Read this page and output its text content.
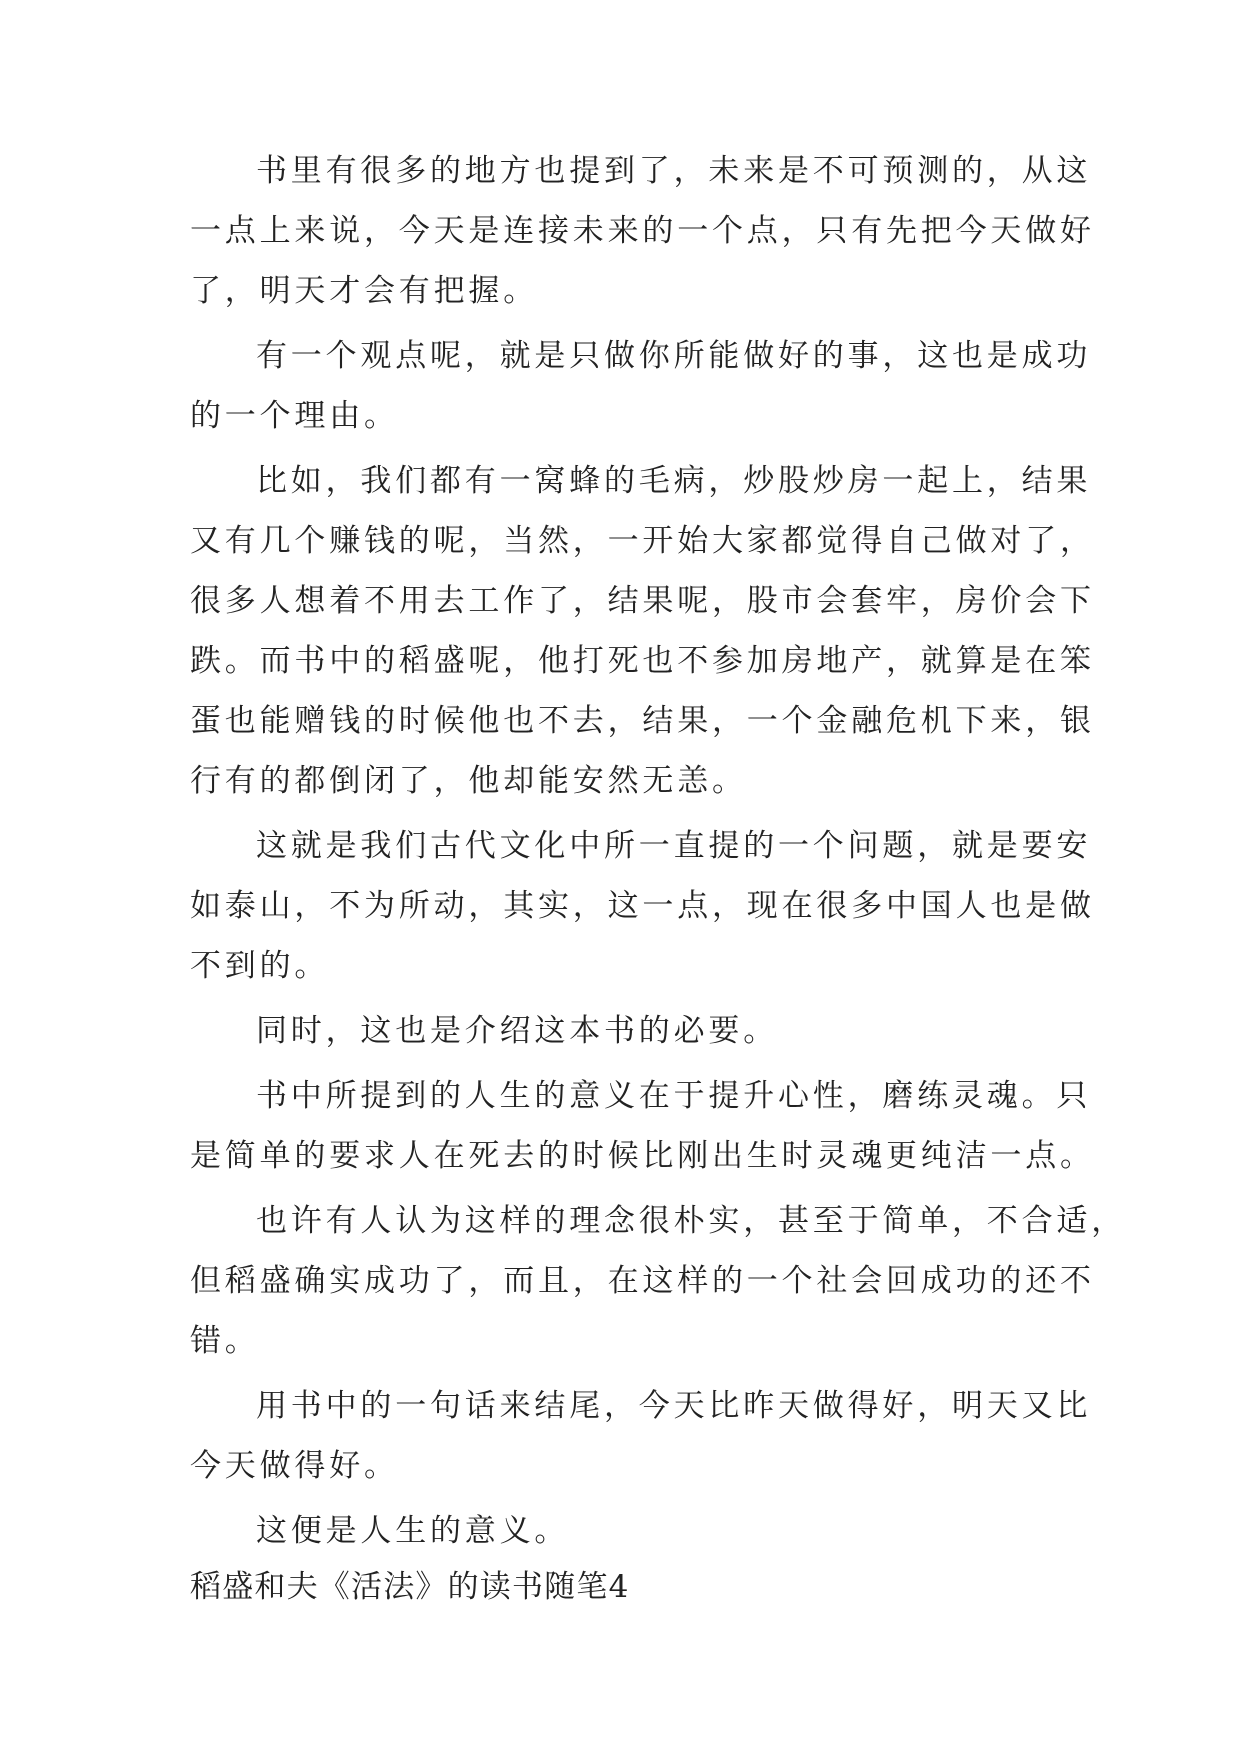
书里有很多的地方也提到了，未来是不可预测的，从这
一点上来说，今天是连接未来的一个点，只有先把今天做好
了，明天才会有把握。
有一个观点呢，就是只做你所能做好的事，这也是成功
的一个理由。
比如，我们都有一窝蜂的毛病，炒股炒房一起上，结果
又有几个赚钱的呢，当然，一开始大家都觉得自己做对了，
很多人想着不用去工作了，结果呢，股市会套牢，房价会下
跌。而书中的稻盛呢，他打死也不参加房地产，就算是在笨
蛋也能赠钱的时候他也不去，结果，一个金融危机下来，银
行有的都倒闭了，他却能安然无恙。
这就是我们古代文化中所一直提的一个问题，就是要安
如泰山，不为所动，其实，这一点，现在很多中国人也是做
不到的。
同时，这也是介绍这本书的必要。
书中所提到的人生的意义在于提升心性，磨练灵魂。只
是简单的要求人在死去的时候比刚出生时灵魂更纯洁一点。
也许有人认为这样的理念很朴实，甚至于简单，不合适，
但稻盛确实成功了，而且，在这样的一个社会回成功的还不
错。
用书中的一句话来结尾，今天比昨天做得好，明天又比
今天做得好。
这便是人生的意义。
稻盛和夫《活法》的读书随笔4
